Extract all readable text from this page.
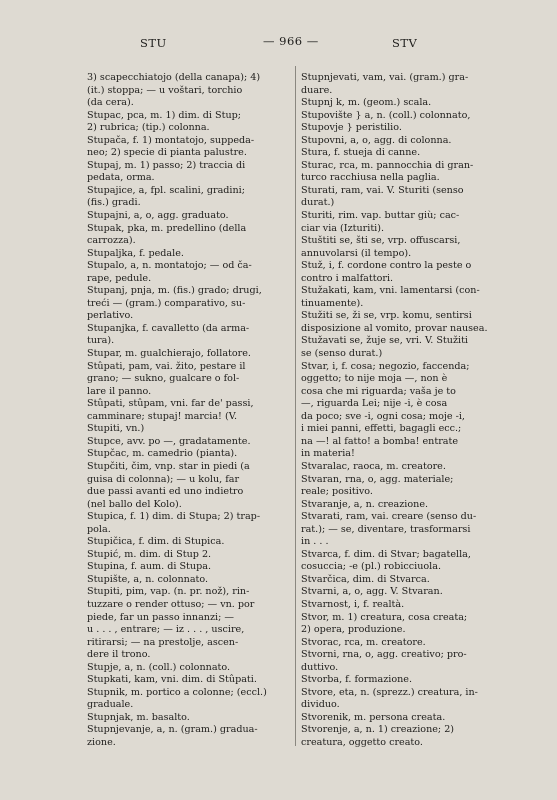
STU	— 966 —	STV
3) scapecchiatojo (della canapa); 4)
(it.) stoppa; — u voštari, torchio
(da cera).
Stupac, pca, m. 1) dim. di Stup;
2) rubrica; (tip.) colonna.
Stupača, f. 1) montatojo, suppeda-
neo; 2) specie di pianta palustre.
Stupaj, m. 1) passo; 2) traccia di
pedata, orma.
Stupajice, a, fpl. scalini, gradini;
(fis.) gradi.
Stupajni, a, o, agg. graduato.
Stupak, pka, m. predellino (della
carrozza).
Stupaljka, f. pedale.
Stupalo, a, n. montatojo; — od ča-
rape, pedule.
Stupanj, pnja, m. (fis.) grado; drugi,
treći — (gram.) comparativo, su-
perlativo.
Stupanjka, f. cavalletto (da arma-
tura).
Stupar, m. gualchierajo, follatore.
Stûpati, pam, vai. žito, pestare il
grano; — sukno, gualcare o fol-
lare il panno.
Stûpati, stûpam, vni. far de' passi,
camminare; stupaj! marcia! (V.
Stupiti, vn.)
Stupce, avv. po —, gradatamente.
Stupčac, m. camedrio (pianta).
Stupčiti, čim, vnp. star in piedi (a
guisa di colonna); — u kolu, far
due passi avanti ed uno indietro
(nel ballo del Kolo).
Stupica, f. 1) dim. di Stupa; 2) trap-
pola.
Stupičica, f. dim. di Stupica.
Stupić, m. dim. di Stup 2.
Stupina, f. aum. di Stupa.
Stupište, a, n. colonnato.
Stupiti, pim, vap. (n. pr. nož), rin-
tuzzare o render ottuso; — vn. por
piede, far un passo innanzi; —
u . . . , entrare; — iz . . . , uscire,
ritirarsi; — na prestolje, ascen-
dere il trono.
Stupje, a, n. (coll.) colonnato.
Stupkati, kam, vni. dim. di Stûpati.
Stupnik, m. portico a colonne; (eccl.)
graduale.
Stupnjak, m. basalto.
Stupnjevanje, a, n. (gram.) gradua-
zione.
Stupnjevati, vam, vai. (gram.) gra-
duare.
Stupnj k, m. (geom.) scala.
Stupovište } a, n. (coll.) colonnato,
Stupovje } peristilio.
Stupovni, a, o, agg. di colonna.
Stura, f. stueja di canne.
Sturac, rca, m. pannocchia di gran-
turco racchiusa nella paglia.
Sturati, ram, vai. V. Sturiti (senso
durat.)
Sturiti, rim. vap. buttar giù; cac-
ciar via (Izturiti).
Stuštiti se, šti se, vrp. offuscarsi,
annuvolarsi (il tempo).
Stuž, i, f. cordone contro la peste o
contro i malfattori.
Stužakati, kam, vni. lamentarsi (con-
tinuamente).
Stužiti se, ži se, vrp. komu, sentirsi
disposizione al vomito, provar nausea.
Stužavati se, žuje se, vri. V. Stužiti
se (senso durat.)
Stvar, i, f. cosa; negozio, faccenda;
oggetto; to nije moja —, non è
cosa che mi riguarda; vaša je to
—, riguarda Lei; nije -i, è cosa
da poco; sve -i, ogni cosa; moje -i,
i miei panni, effetti, bagagli ecc.;
na —! al fatto! a bomba! entrate
in materia!
Stvaralac, raoca, m. creatore.
Stvaran, rna, o, agg. materiale;
reale; positivo.
Stvaranje, a, n. creazione.
Stvarati, ram, vai. creare (senso du-
rat.); — se, diventare, trasformarsi
in . . .
Stvarca, f. dim. di Stvar; bagatella,
cosuccia; -e (pl.) robicciuola.
Stvarčica, dim. di Stvarca.
Stvarni, a, o, agg. V. Stvaran.
Stvarnost, i, f. realtà.
Stvor, m. 1) creatura, cosa creata;
2) opera, produzione.
Stvorac, rca, m. creatore.
Stvorni, rna, o, agg. creativo; pro-
duttivo.
Stvorba, f. formazione.
Stvore, eta, n. (sprezz.) creatura, in-
dividuo.
Stvorenik, m. persona creata.
Stvorenje, a, n. 1) creazione; 2)
creatura, oggetto creato.
